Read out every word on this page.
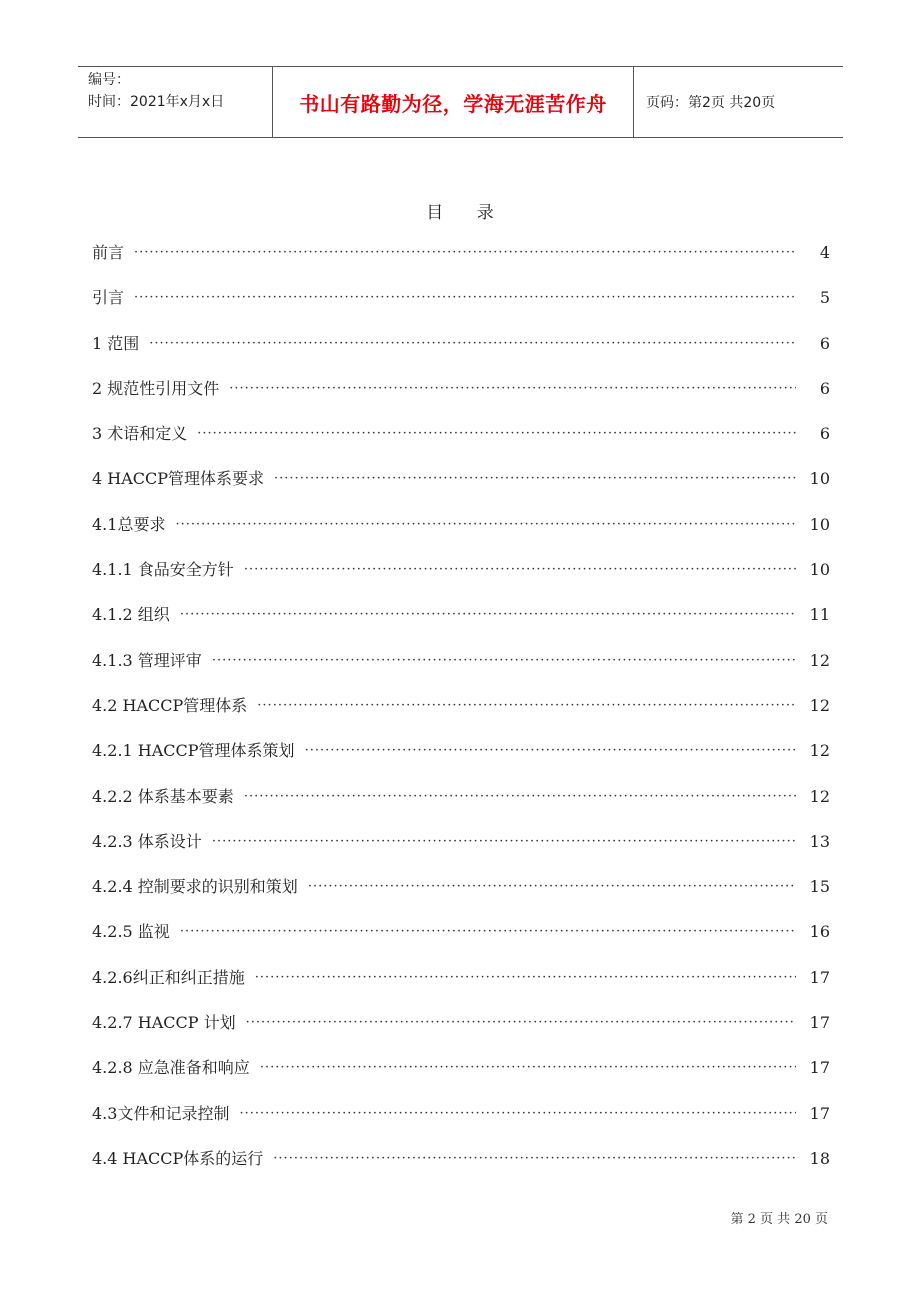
编号：
时间：2021年x月x日	书山有路勤为径，学海无涯苦作舟	页码：第2页 共20页
目 录
前言 ·····	4
引言 ·····	5
1 范围 ·····	6
2 规范性引用文件 ·····	6
3 术语和定义 ·····	6
4 HACCP管理体系要求 ·····	10
4.1总要求 ·····	10
4.1.1 食品安全方针 ·····	10
4.1.2 组织 ·····	11
4.1.3 管理评审 ·····	12
4.2 HACCP管理体系 ·····	12
4.2.1 HACCP管理体系策划 ·····	12
4.2.2 体系基本要素 ·····	12
4.2.3 体系设计 ·····	13
4.2.4 控制要求的识别和策划 ·····	15
4.2.5 监视 ·····	16
4.2.6纠正和纠正措施 ·····	17
4.2.7 HACCP 计划 ·····	17
4.2.8 应急准备和响应 ·····	17
4.3文件和记录控制 ·····	17
4.4 HACCP体系的运行 ·····	18
第 2 页 共 20 页
